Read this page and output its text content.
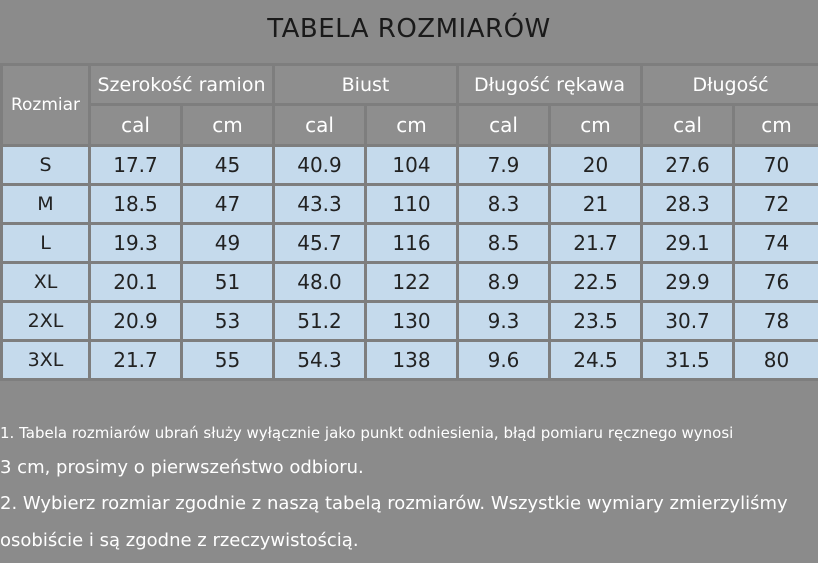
TABELA ROZMIARÓW
Rozmiar	Szerokość ramion		Biust		Długość rękawa		Długość	
	cal	cm	cal	cm	cal	cm	cal	cm
S	17.7	45	40.9	104	7.9	20	27.6	70
M	18.5	47	43.3	110	8.3	21	28.3	72
L	19.3	49	45.7	116	8.5	21.7	29.1	74
XL	20.1	51	48.0	122	8.9	22.5	29.9	76
2XL	20.9	53	51.2	130	9.3	23.5	30.7	78
3XL	21.7	55	54.3	138	9.6	24.5	31.5	80
1. Tabela rozmiarów ubrań służy wyłącznie jako punkt odniesienia, błąd pomiaru ręcznego wynosi
3 cm, prosimy o pierwszeństwo odbioru.
2. Wybierz rozmiar zgodnie z naszą tabelą rozmiarów. Wszystkie wymiary zmierzyliśmy
osobiście i są zgodne z rzeczywistością.
